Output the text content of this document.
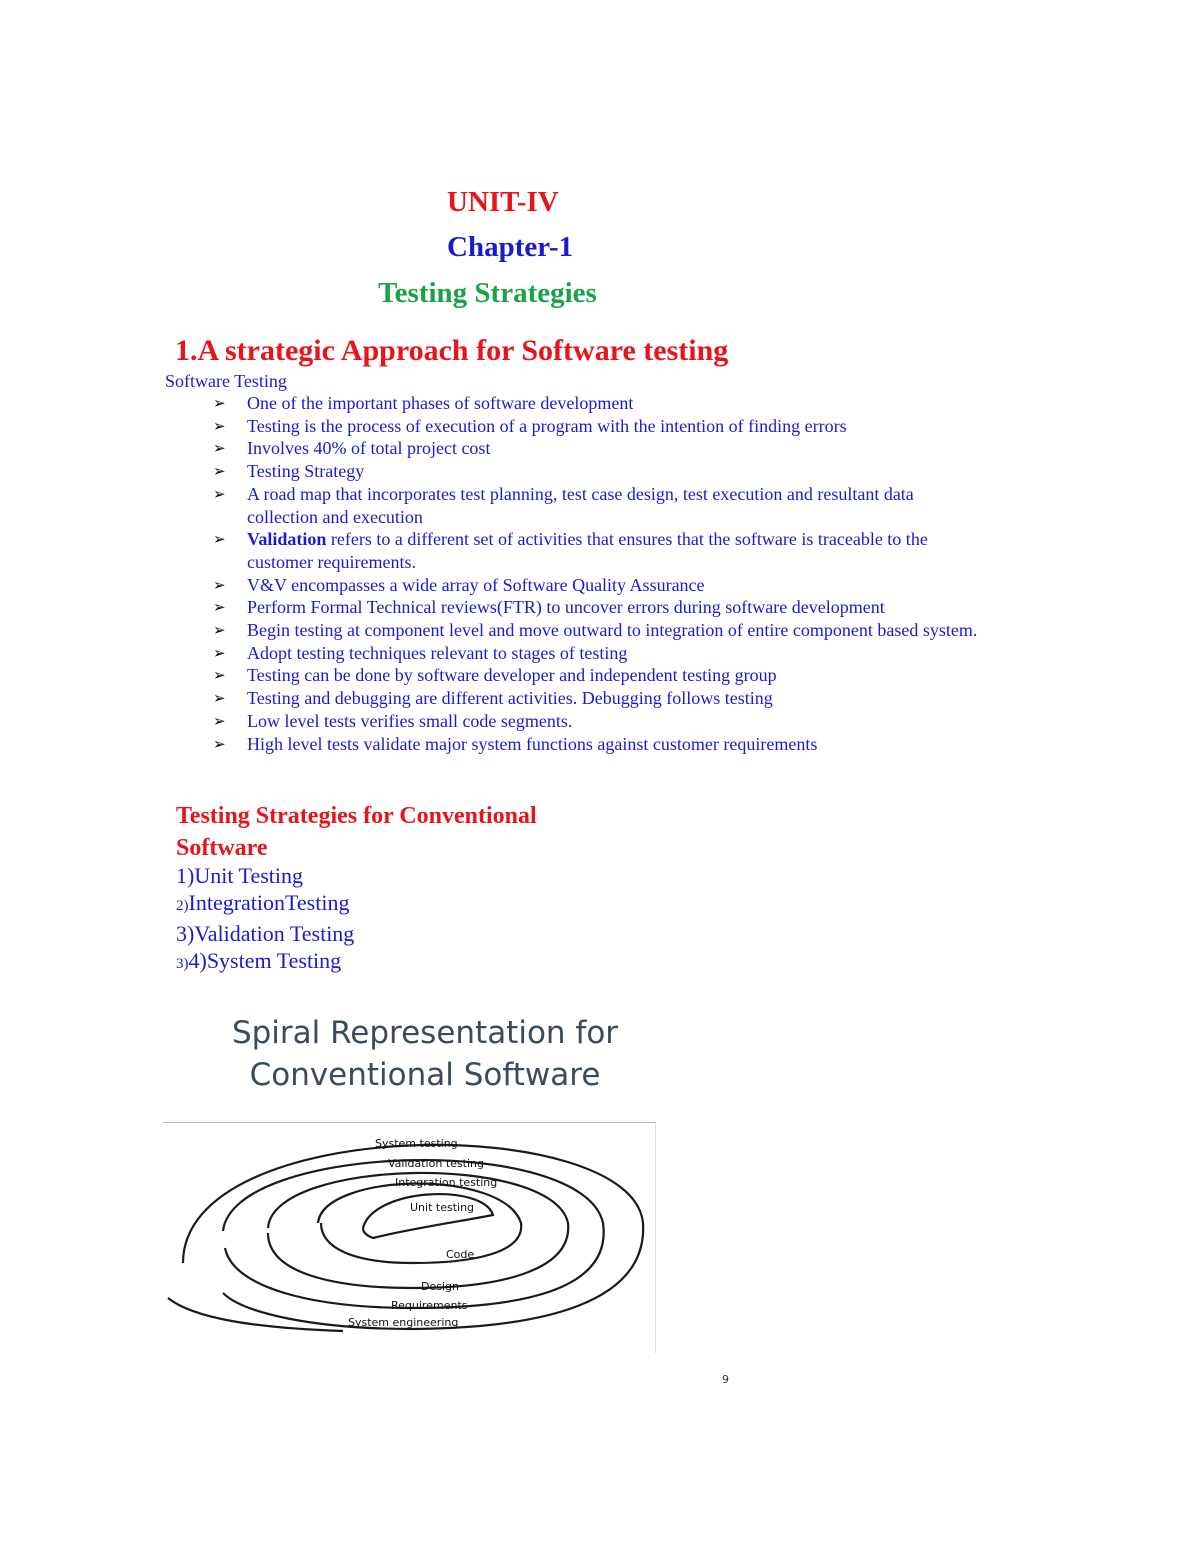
UNIT-IV
Chapter-1
Testing Strategies
1.A strategic Approach for Software testing
Software Testing
➢ One of the important phases of software development
➢ Testing is the process of execution of a program with the intention of finding errors
➢ Involves 40% of total project cost
➢ Testing Strategy
➢ A road map that incorporates test planning, test case design, test execution and resultant data collection and execution
➢ Validation refers to a different set of activities that ensures that the software is traceable to the customer requirements.
➢ V&V encompasses a wide array of Software Quality Assurance
➢ Perform Formal Technical reviews(FTR) to uncover errors during software development
➢ Begin testing at component level and move outward to integration of entire component based system.
➢ Adopt testing techniques relevant to stages of testing
➢ Testing can be done by software developer and independent testing group
➢ Testing and debugging are different activities. Debugging follows testing
➢ Low level tests verifies small code segments.
➢ High level tests validate major system functions against customer requirements
Testing Strategies for Conventional Software
1)Unit Testing
2)IntegrationTesting
3)Validation Testing
3)4)System Testing
Spiral Representation for
Conventional Software
System testing
Validation testing
Integration testing
Unit testing
Code
Design
Requirements
System engineering
9
